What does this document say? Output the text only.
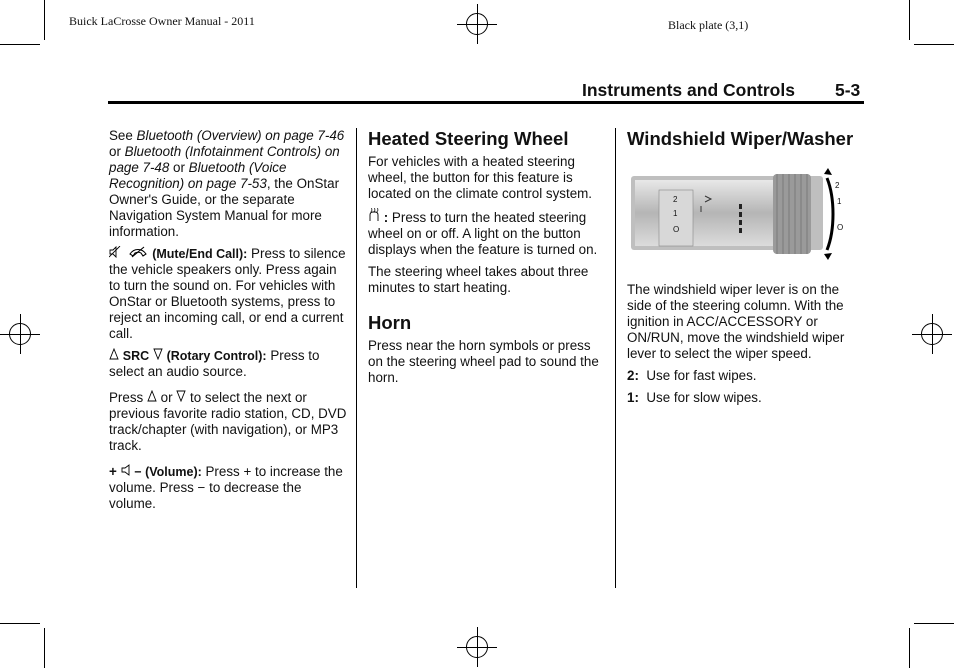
Buick LaCrosse Owner Manual - 2011	Black plate (3,1)
Instruments and Controls 5-3

See Bluetooth (Overview) on page 7-46 or Bluetooth (Infotainment Controls) on page 7-48 or Bluetooth (Voice Recognition) on page 7-53, the OnStar Owner's Guide, or the separate Navigation System Manual for more information.

(Mute/End Call): Press to silence the vehicle speakers only. Press again to turn the sound on. For vehicles with OnStar or Bluetooth systems, press to reject an incoming call, or end a current call.

SRC (Rotary Control): Press to select an audio source.

Press  or  to select the next or previous favorite radio station, CD, DVD track/chapter (with navigation), or MP3 track.

+ − (Volume): Press + to increase the volume. Press − to decrease the volume.

Heated Steering Wheel

For vehicles with a heated steering wheel, the button for this feature is located on the climate control system.

: Press to turn the heated steering wheel on or off. A light on the button displays when the feature is turned on.

The steering wheel takes about three minutes to start heating.

Horn

Press near the horn symbols or press on the steering wheel pad to sound the horn.

Windshield Wiper/Washer
2
1
O
2
1
O

The windshield wiper lever is on the side of the steering column. With the ignition in ACC/ACCESSORY or ON/RUN, move the windshield wiper lever to select the wiper speed.

2: Use for fast wipes.

1: Use for slow wipes.
